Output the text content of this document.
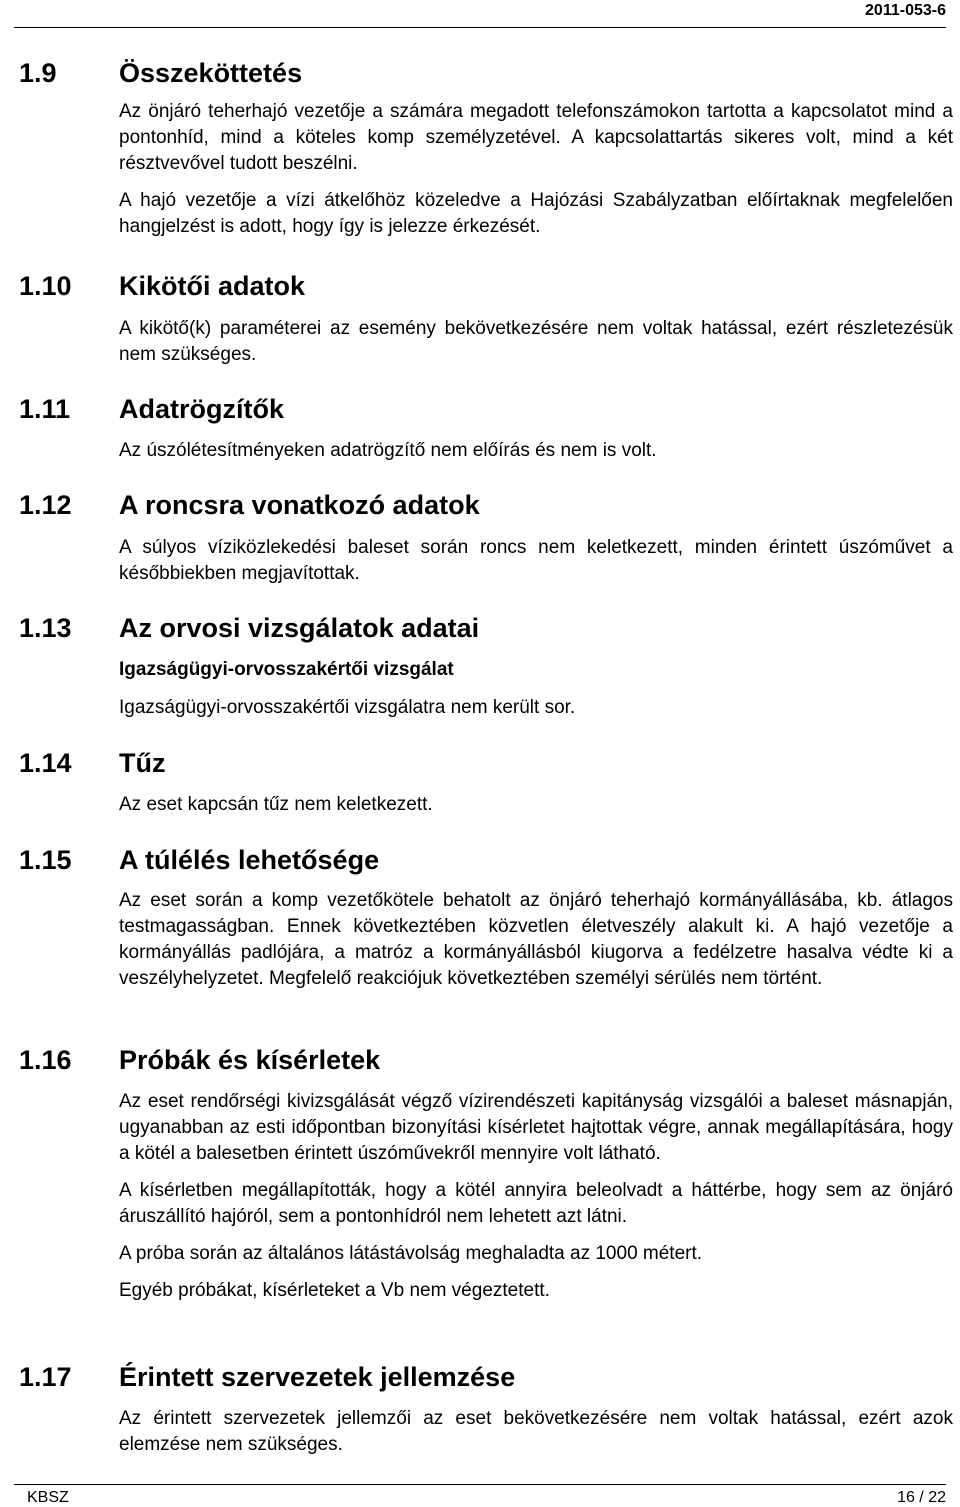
2011-053-6
1.9 Összeköttetés

Az önjáró teherhajó vezetője a számára megadott telefonszámokon tartotta a kapcsolatot mind a pontonhíd, mind a köteles komp személyzetével. A kapcsolattartás sikeres volt, mind a két résztvevővel tudott beszélni.

A hajó vezetője a vízi átkelőhöz közeledve a Hajózási Szabályzatban előírtaknak megfelelően hangjelzést is adott, hogy így is jelezze érkezését.

1.10 Kikötői adatok

A kikötő(k) paraméterei az esemény bekövetkezésére nem voltak hatással, ezért részletezésük nem szükséges.

1.11 Adatrögzítők

Az úszólétesítményeken adatrögzítő nem előírás és nem is volt.

1.12 A roncsra vonatkozó adatok

A súlyos víziközlekedési baleset során roncs nem keletkezett, minden érintett úszóművet a későbbiekben megjavítottak.

1.13 Az orvosi vizsgálatok adatai

Igazságügyi-orvosszakértői vizsgálat

Igazságügyi-orvosszakértői vizsgálatra nem került sor.

1.14 Tűz

Az eset kapcsán tűz nem keletkezett.

1.15 A túlélés lehetősége

Az eset során a komp vezetőkötele behatolt az önjáró teherhajó kormányállásába, kb. átlagos testmagasságban. Ennek következtében közvetlen életveszély alakult ki. A hajó vezetője a kormányállás padlójára, a matróz a kormányállásból kiugorva a fedélzetre hasalva védte ki a veszélyhelyzetet. Megfelelő reakciójuk következtében személyi sérülés nem történt.

1.16 Próbák és kísérletek

Az eset rendőrségi kivizsgálását végző vízirendészeti kapitányság vizsgálói a baleset másnapján, ugyanabban az esti időpontban bizonyítási kísérletet hajtottak végre, annak megállapítására, hogy a kötél a balesetben érintett úszóművekről mennyire volt látható.

A kísérletben megállapították, hogy a kötél annyira beleolvadt a háttérbe, hogy sem az önjáró áruszállító hajóról, sem a pontonhídról nem lehetett azt látni.

A próba során az általános látástávolság meghaladta az 1000 métert.

Egyéb próbákat, kísérleteket a Vb nem végeztetett.

1.17 Érintett szervezetek jellemzése

Az érintett szervezetek jellemzői az eset bekövetkezésére nem voltak hatással, ezért azok elemzése nem szükséges.

KBSZ	16 / 22
